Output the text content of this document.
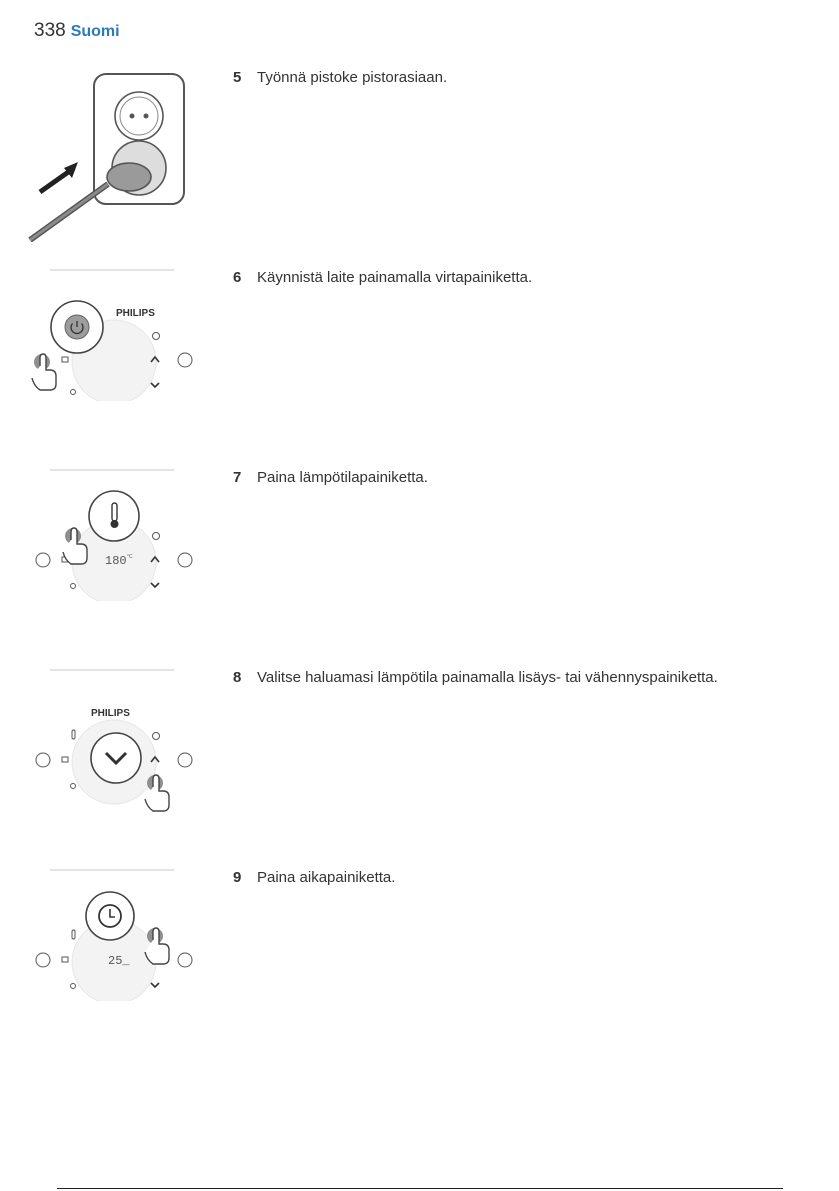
338 Suomi
5	Työnnä pistoke pistorasiaan.
6	Käynnistä laite painamalla virtapainiketta.
PHILIPS
7	Paina lämpötilapainiketta.
180 °C
8	Valitse haluamasi lämpötila painamalla lisäys- tai vähennyspainiketta.
PHILIPS
9	Paina aikapainiketta.
25_
